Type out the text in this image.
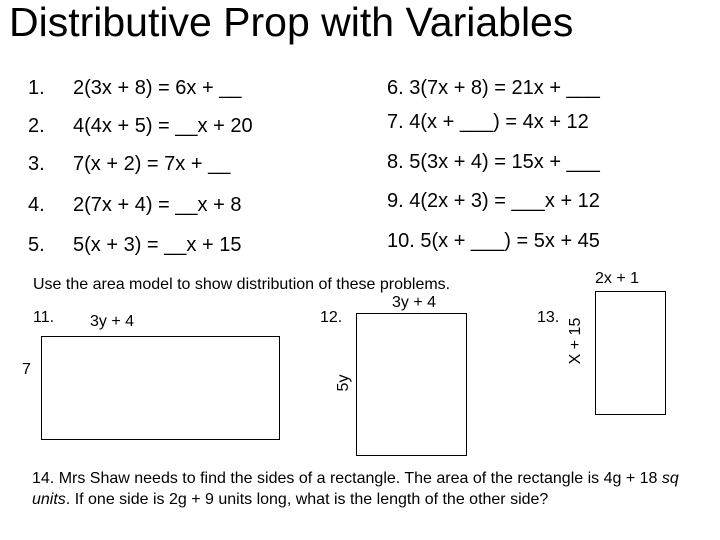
Distributive Prop with Variables
1. 2(3x + 8) = 6x + __
2. 4(4x + 5) = __x + 20
3. 7(x + 2) = 7x + __
4. 2(7x + 4) = __x + 8
5. 5(x + 3) = __x + 15
6. 3(7x + 8) = 21x + ___
7. 4(x + ___) = 4x + 12
8. 5(3x + 4) = 15x + ___
9. 4(2x + 3) = ___x + 12
10. 5(x + ___) = 5x + 45
Use the area model to show distribution of these problems.
11. 3y + 4
7
12.
3y + 4
5y
13.
2x + 1
X + 15
14. Mrs Shaw needs to find the sides of a rectangle. The area of the rectangle is 4g + 18 sq units. If one side is 2g + 9 units long, what is the length of the other side?
